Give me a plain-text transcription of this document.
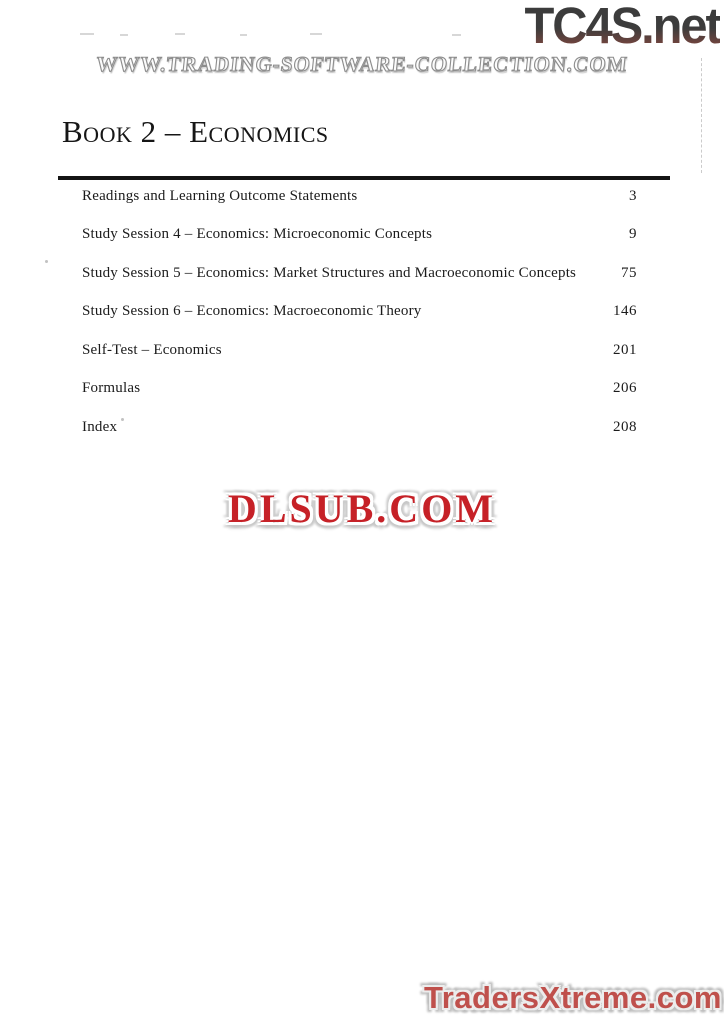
TC4S.net
WWW.TRADING-SOFTWARE-COLLECTION.COM
Book 2 – Economics
Readings and Learning Outcome Statements	3
Study Session 4 – Economics: Microeconomic Concepts	9
Study Session 5 – Economics: Market Structures and Macroeconomic Concepts	75
Study Session 6 – Economics: Macroeconomic Theory	146
Self-Test – Economics	201
Formulas	206
Index	208
DLSUB.COM
TradersXtreme.com
